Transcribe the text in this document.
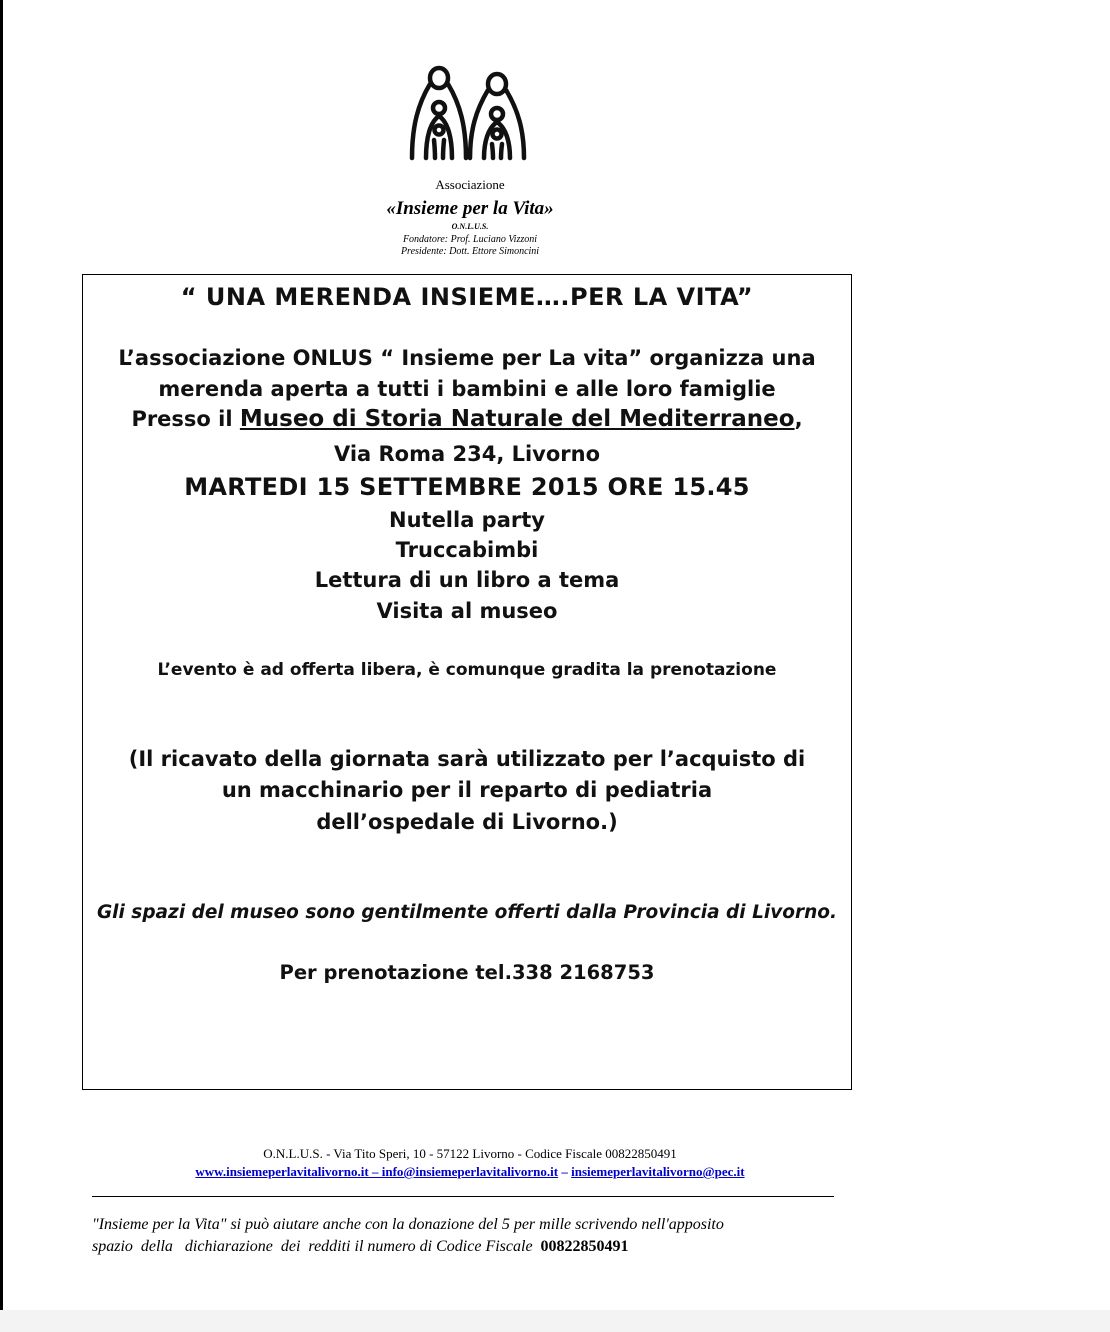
Associazione
«Insieme per la Vita»
O.N.L.U.S.
Fondatore: Prof. Luciano Vizzoni
Presidente: Dott. Ettore Simoncini
“ UNA MERENDA INSIEME….PER LA VITA”
L’associazione ONLUS “ Insieme per La vita” organizza una
merenda aperta a tutti i bambini e alle loro famiglie
Presso il Museo di Storia Naturale del Mediterraneo,
Via Roma 234, Livorno
MARTEDI 15 SETTEMBRE 2015 ORE 15.45
Nutella party
Truccabimbi
Lettura di un libro a tema
Visita al museo
L’evento è ad offerta libera, è comunque gradita la prenotazione
(Il ricavato della giornata sarà utilizzato per l’acquisto di
un macchinario per il reparto di pediatria
dell’ospedale di Livorno.)
Gli spazi del museo sono gentilmente offerti dalla Provincia di Livorno.
Per prenotazione tel.338 2168753
O.N.L.U.S. - Via Tito Speri, 10 - 57122 Livorno - Codice Fiscale 00822850491
www.insiemeperlavitalivorno.it – info@insiemeperlavitalivorno.it – insiemeperlavitalivorno@pec.it
"Insieme per la Vita" si può aiutare anche con la donazione del 5 per mille scrivendo nell'apposito
spazio  della   dichiarazione  dei  redditi il numero di Codice Fiscale  00822850491
